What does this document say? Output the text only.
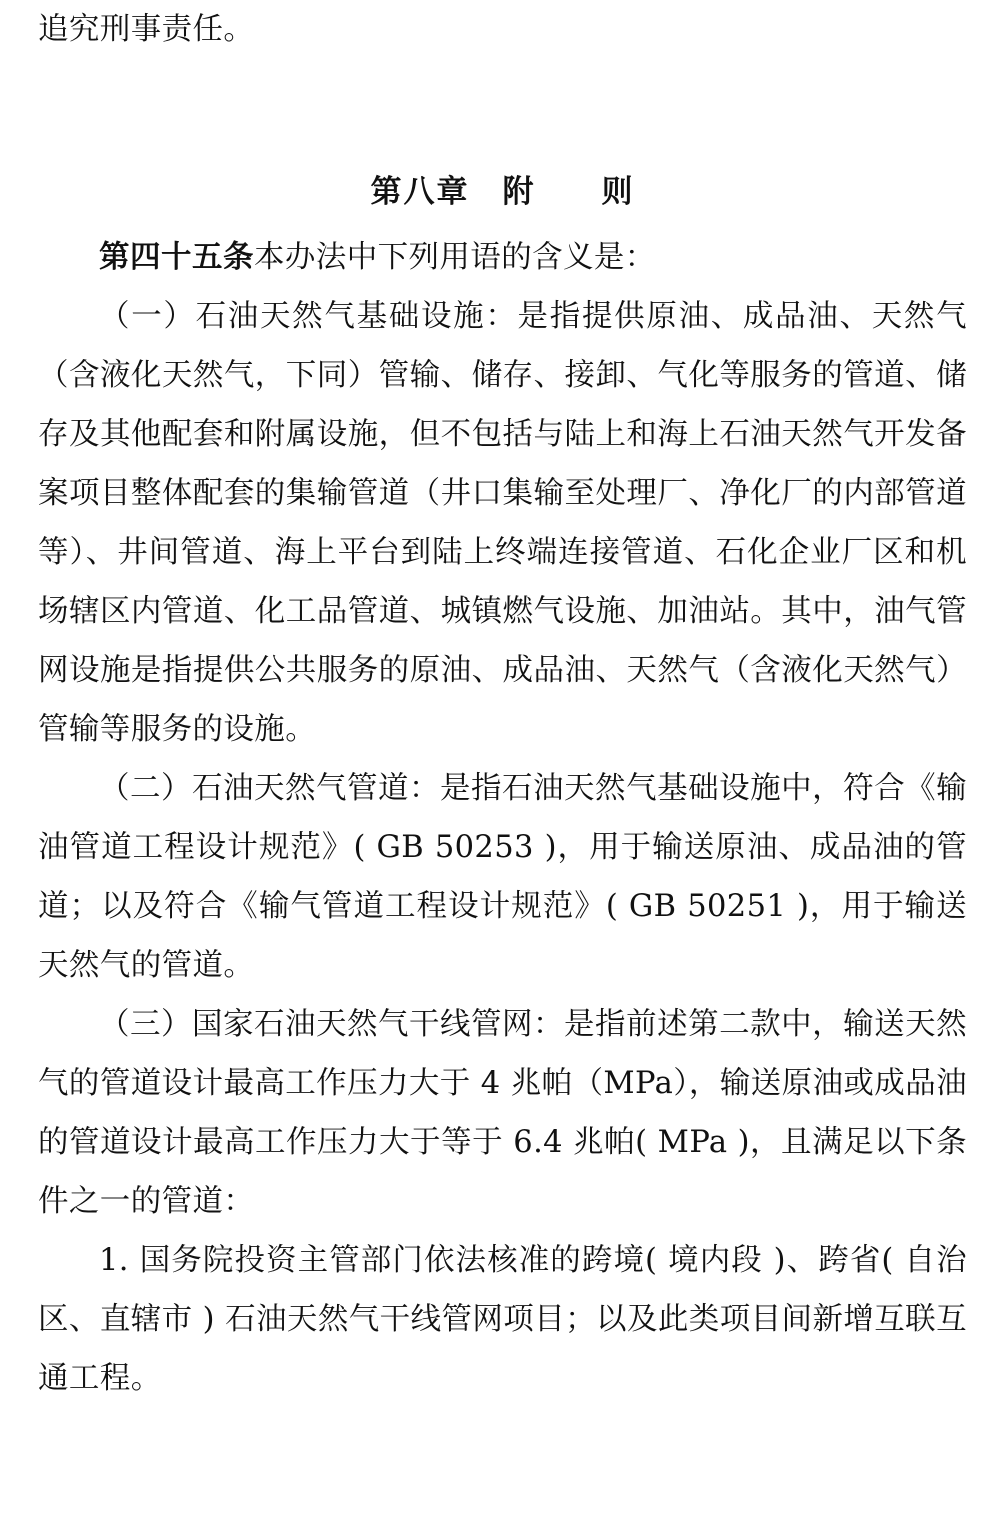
追究刑事责任。

第八章　附　　则

第四十五条本办法中下列用语的含义是：

（一）石油天然气基础设施：是指提供原油、成品油、天然气（含液化天然气，下同）管输、储存、接卸、气化等服务的管道、储存及其他配套和附属设施，但不包括与陆上和海上石油天然气开发备案项目整体配套的集输管道（井口集输至处理厂、净化厂的内部管道等）、井间管道、海上平台到陆上终端连接管道、石化企业厂区和机场辖区内管道、化工品管道、城镇燃气设施、加油站。其中，油气管网设施是指提供公共服务的原油、成品油、天然气（含液化天然气）管输等服务的设施。

（二）石油天然气管道：是指石油天然气基础设施中，符合《输油管道工程设计规范》( GB 50253 )，用于输送原油、成品油的管道；以及符合《输气管道工程设计规范》( GB 50251 )，用于输送天然气的管道。

（三）国家石油天然气干线管网：是指前述第二款中，输送天然气的管道设计最高工作压力大于 4 兆帕（MPa），输送原油或成品油的管道设计最高工作压力大于等于 6.4 兆帕( MPa )，且满足以下条件之一的管道：

1. 国务院投资主管部门依法核准的跨境( 境内段 )、跨省( 自治区、直辖市 ) 石油天然气干线管网项目；以及此类项目间新增互联互通工程。
